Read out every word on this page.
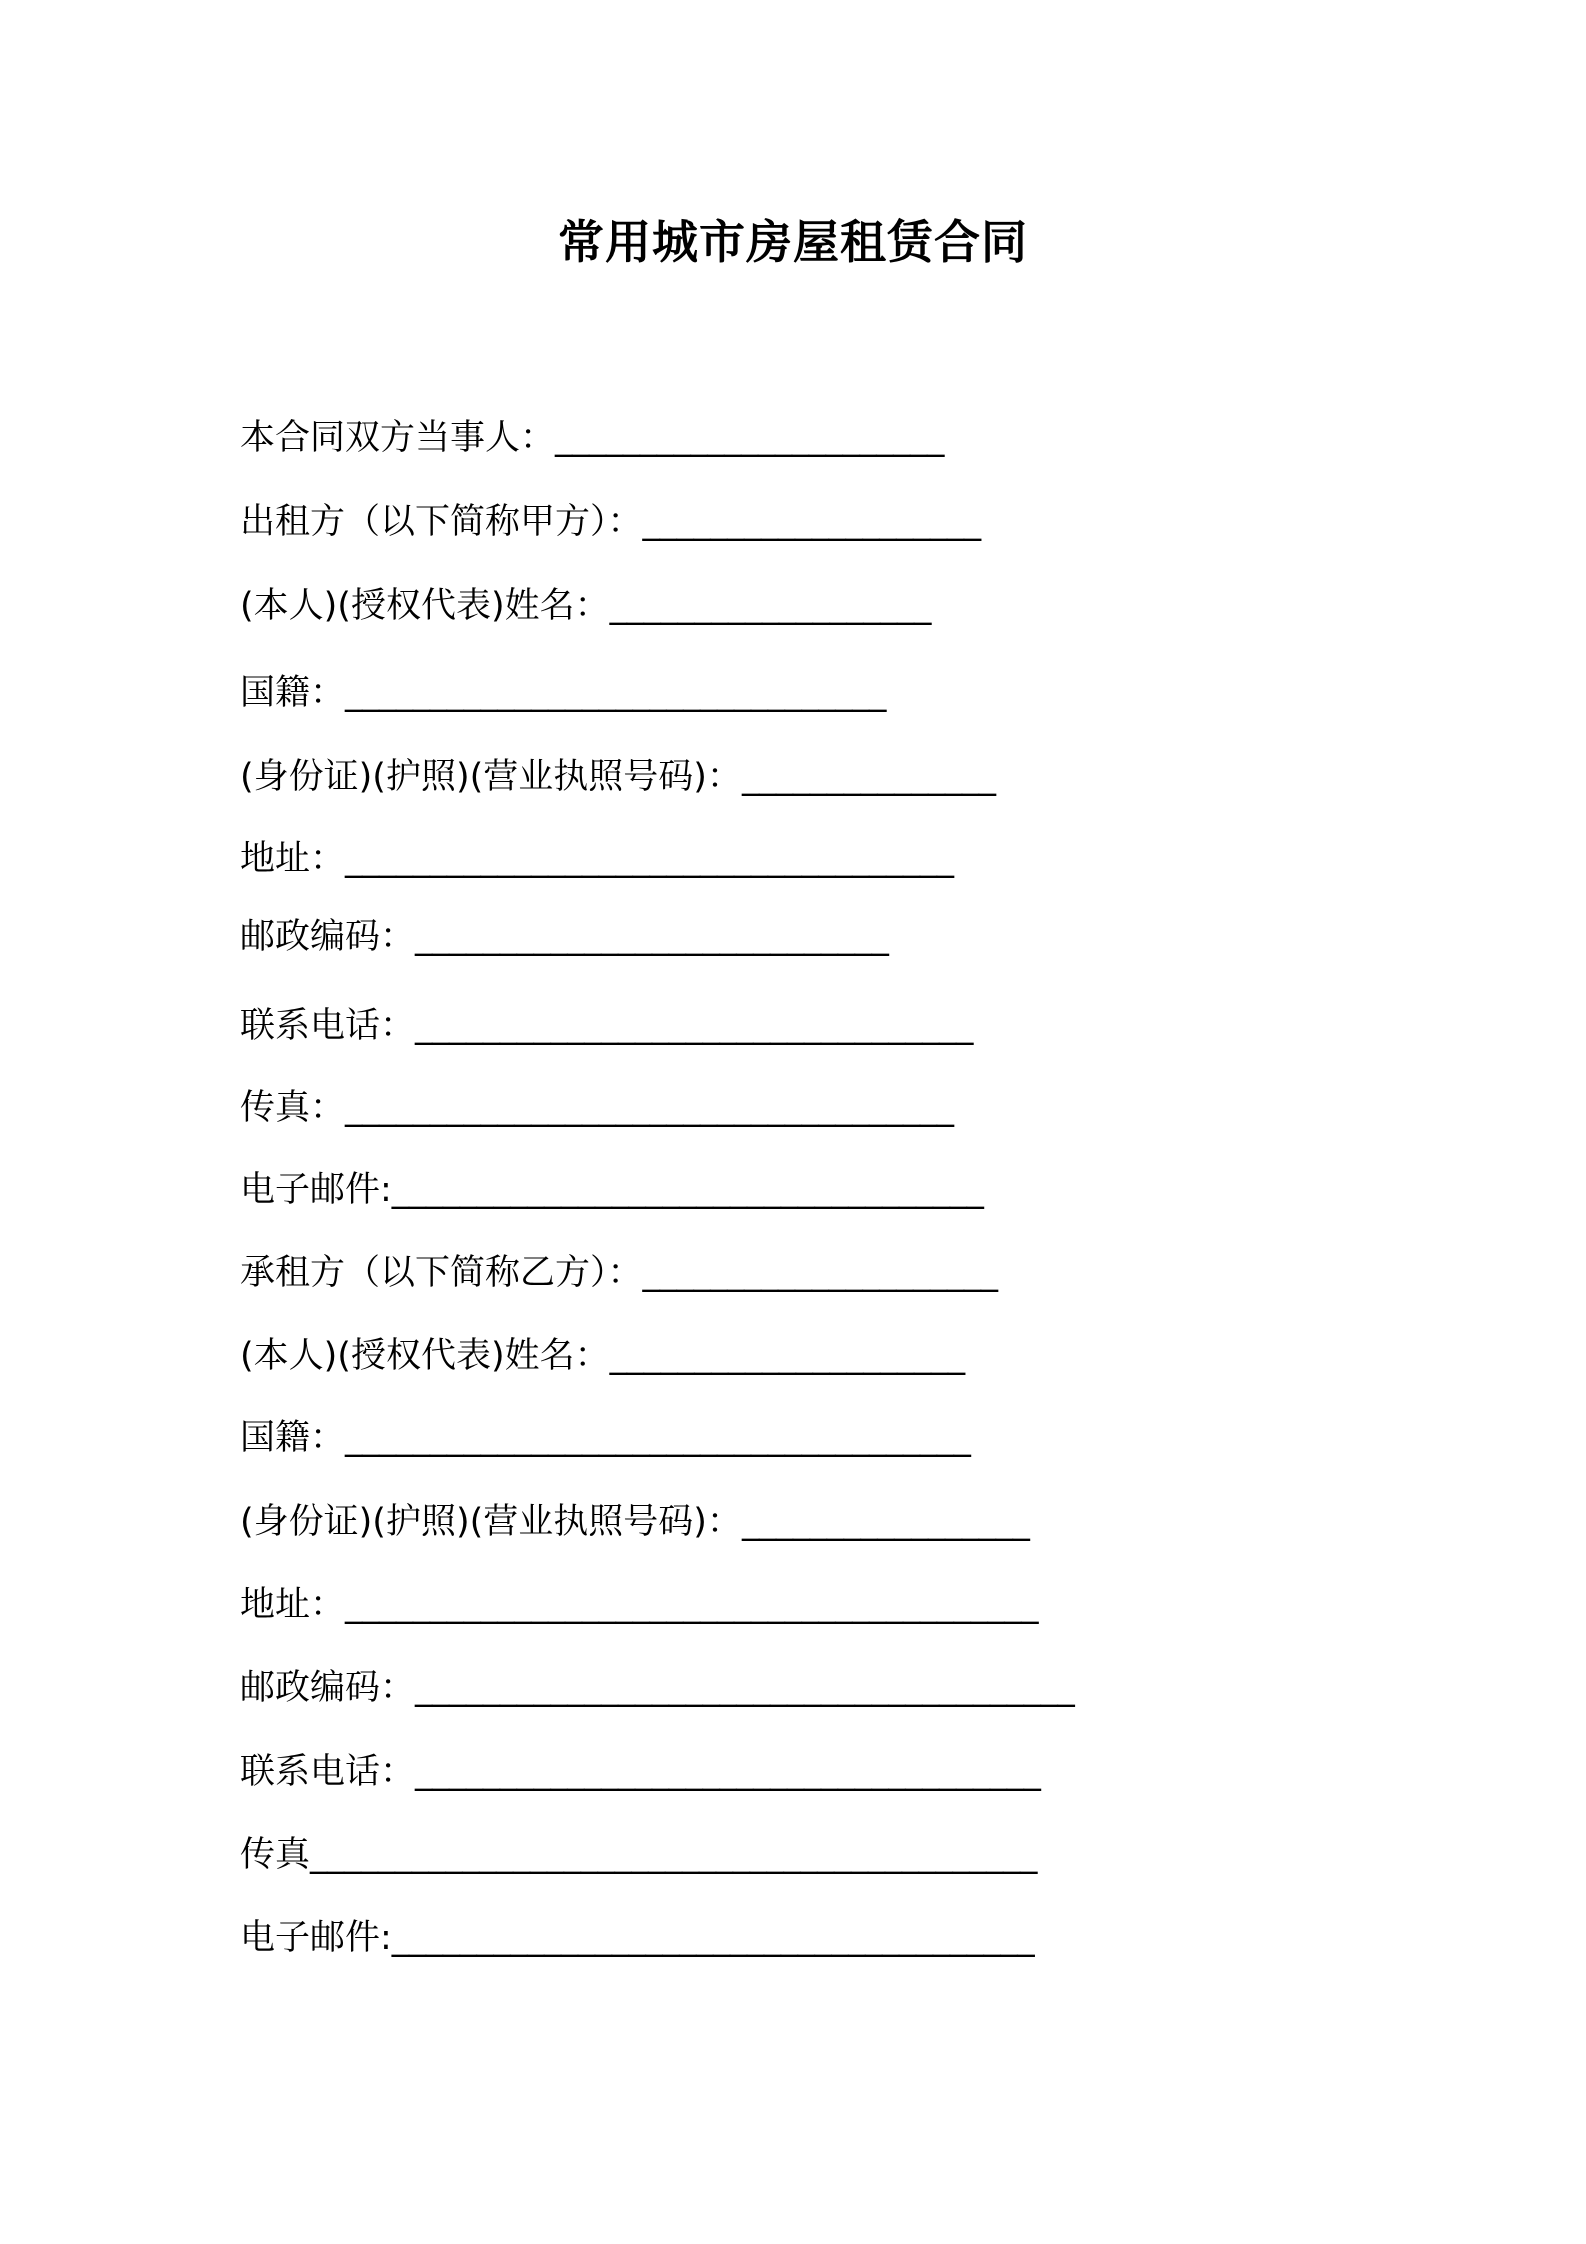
常用城市房屋租赁合同
本合同双方当事人：_______________________
出租方（以下简称甲方）：____________________
(本人)(授权代表)姓名：___________________
国籍：________________________________
(身份证)(护照)(营业执照号码)：_______________
地址：____________________________________
邮政编码：____________________________
联系电话：_________________________________
传真：____________________________________
电子邮件:___________________________________
承租方（以下简称乙方）：_____________________
(本人)(授权代表)姓名：_____________________
国籍：_____________________________________
(身份证)(护照)(营业执照号码)：_________________
地址：_________________________________________
邮政编码：_______________________________________
联系电话：_____________________________________
传真___________________________________________
电子邮件:______________________________________
